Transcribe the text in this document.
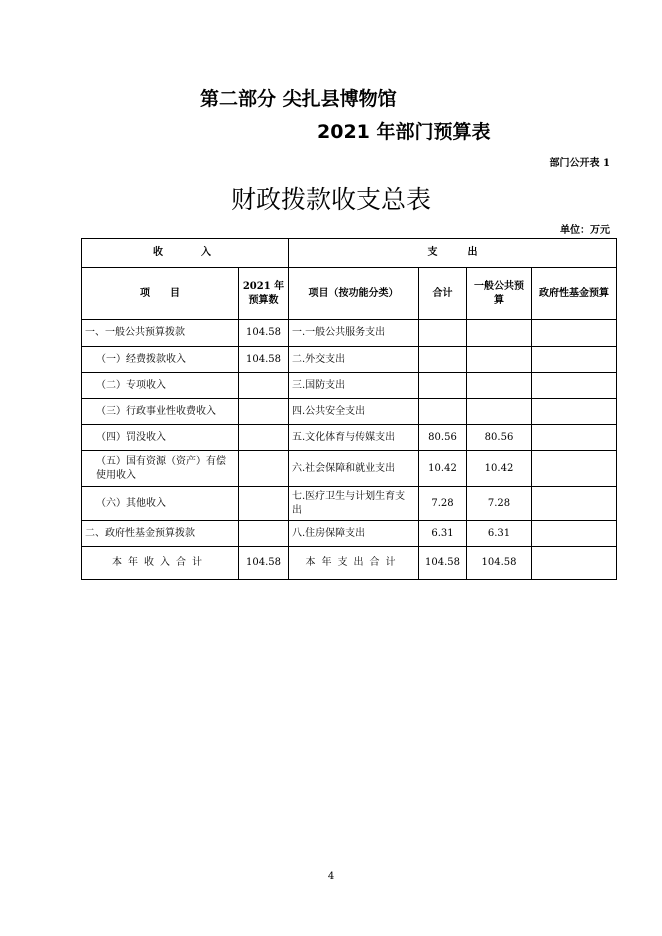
第二部分 尖扎县博物馆
2021 年部门预算表
部门公开表 1
财政拨款收支总表
单位：万元
收　　入		支　　　出			
项　　目	2021 年预算数	项目（按功能分类）	合计	一般公共预算	政府性基金预算
一、一般公共预算拨款	104.58	一.一般公共服务支出			
（一）经费拨款收入	104.58	二.外交支出			
（二）专项收入		三.国防支出			
（三）行政事业性收费收入		四.公共安全支出			
（四）罚没收入		五.文化体育与传媒支出	80.56	80.56	
（五）国有资源（资产）有偿使用收入		六.社会保障和就业支出	10.42	10.42	
（六）其他收入		七.医疗卫生与计划生育支出	7.28	7.28	
二、政府性基金预算拨款		八.住房保障支出	6.31	6.31	
本年收入合计	104.58	本年支出合计	104.58	104.58	
4
